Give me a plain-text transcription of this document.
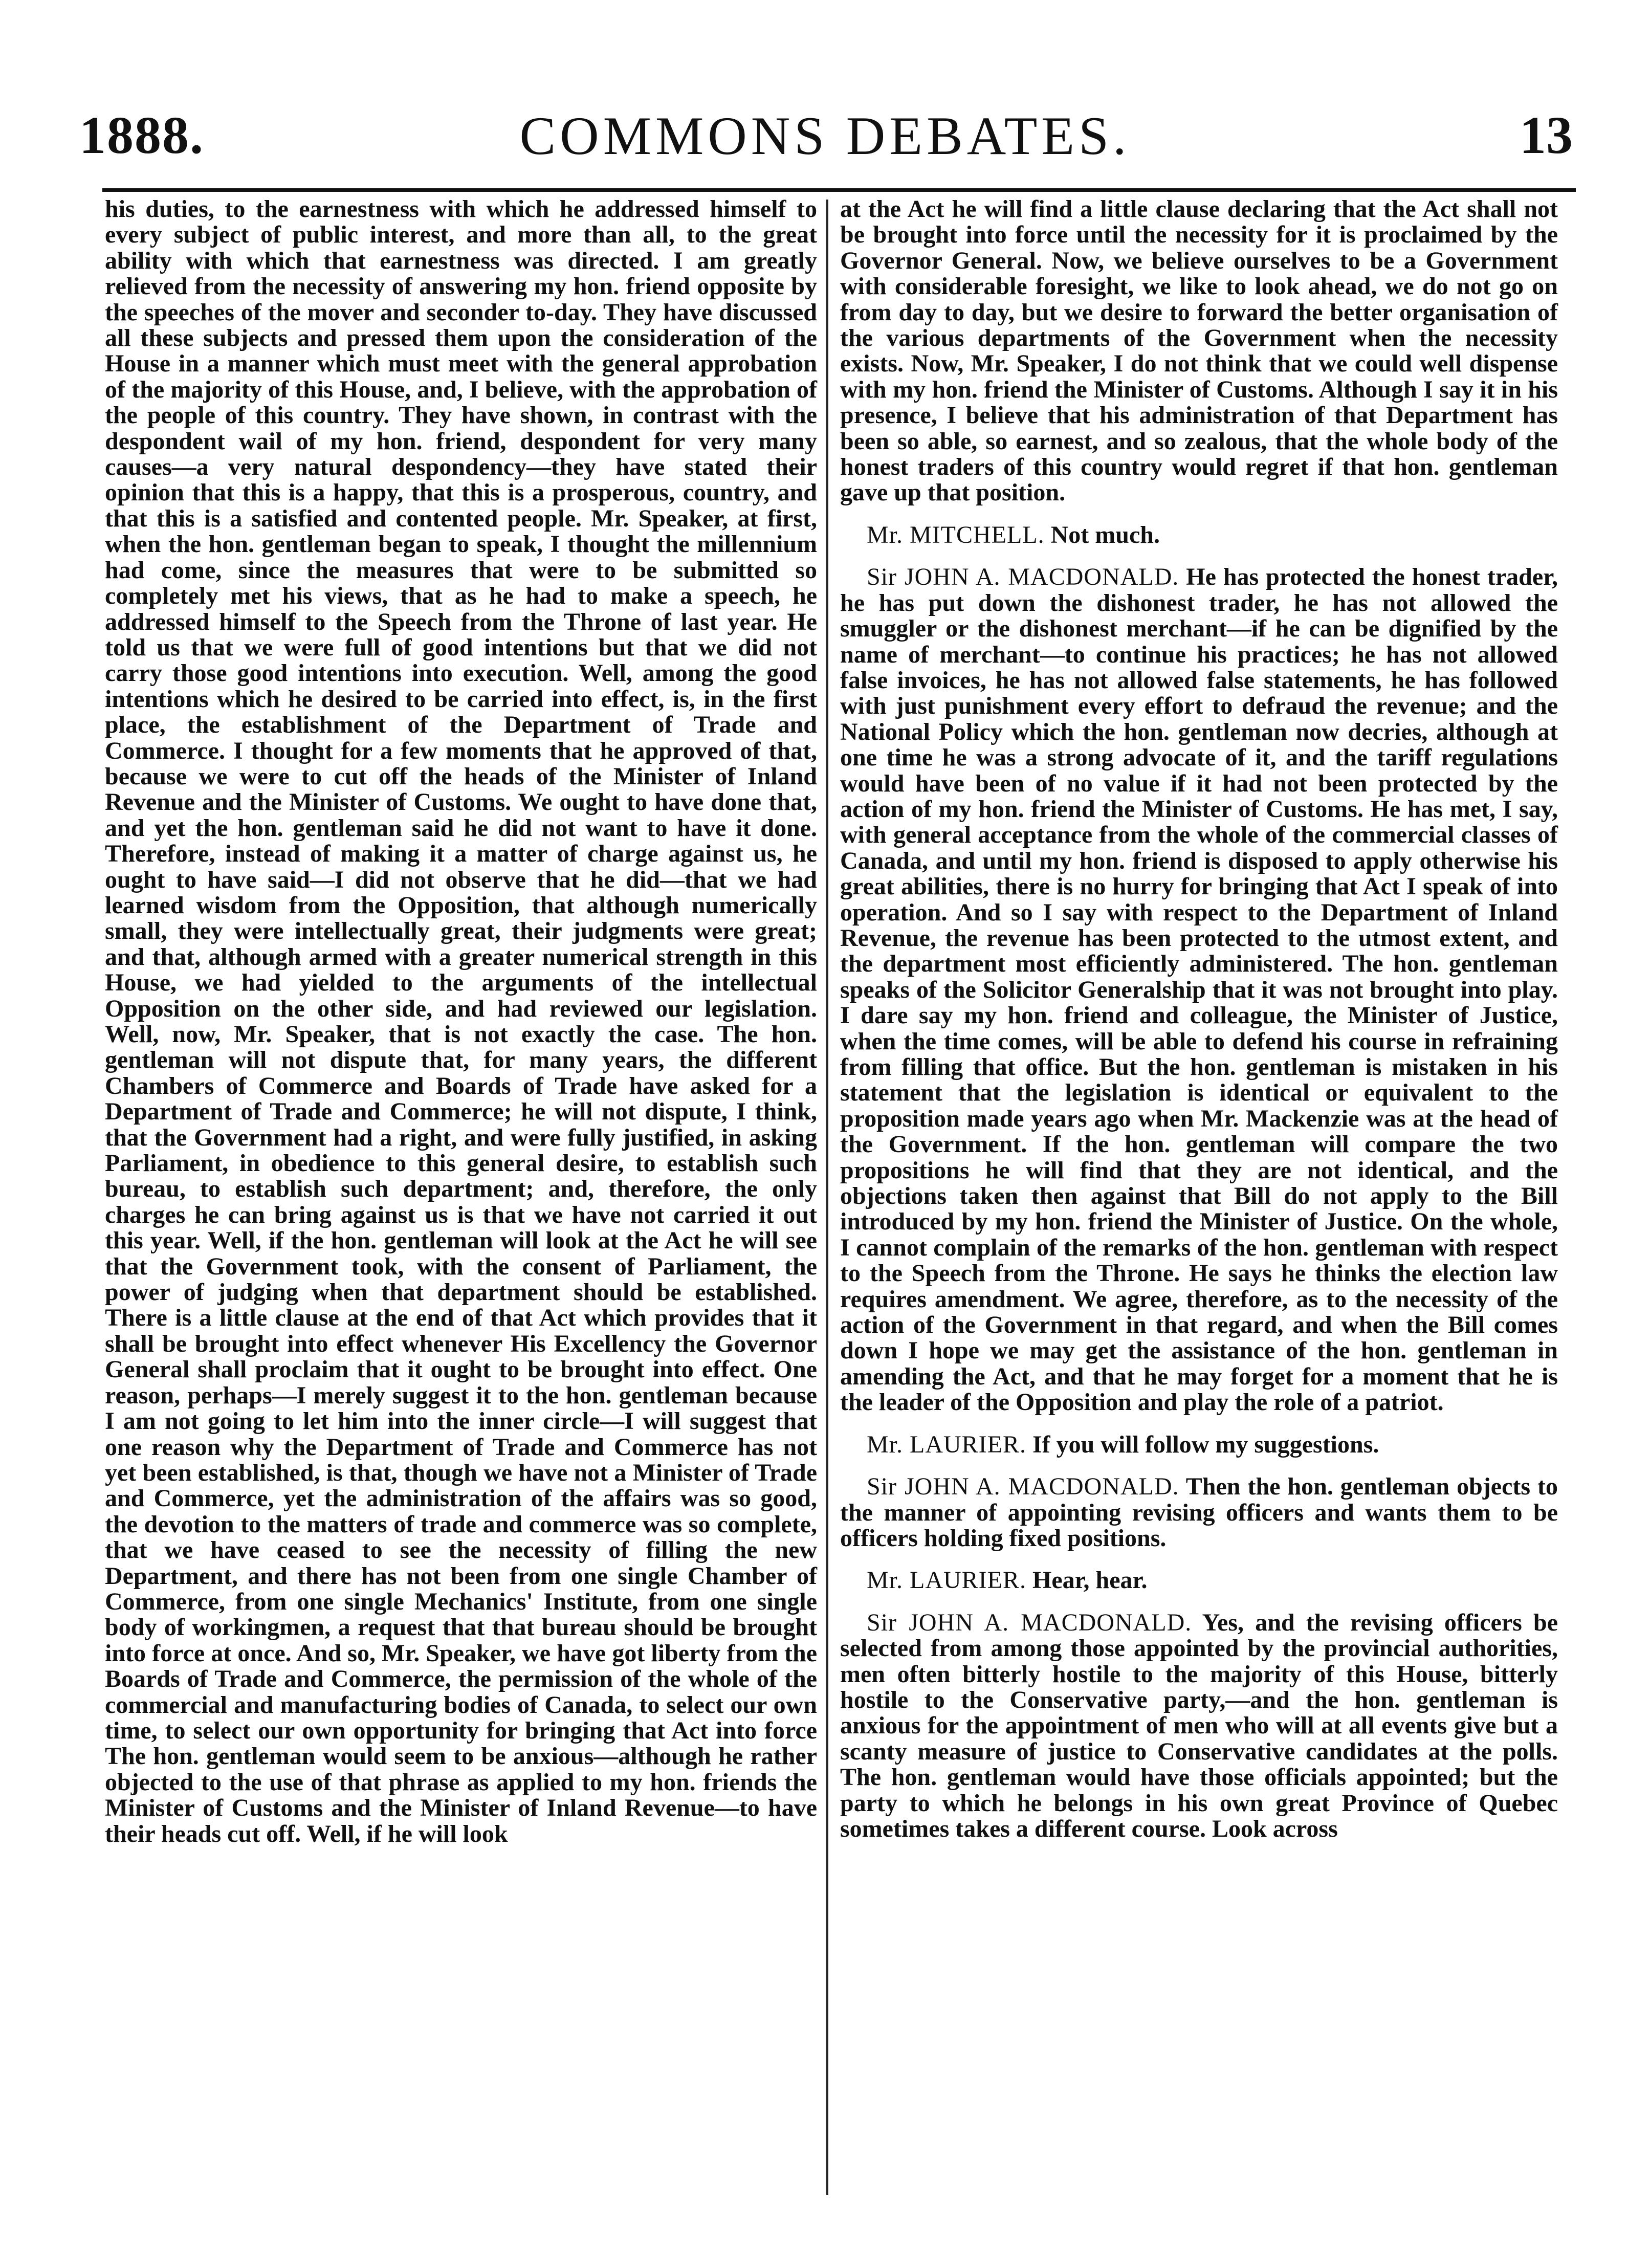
1888.	COMMONS DEBATES.	13

his duties, to the earnestness with which he addressed himself to every subject of public interest, and more than all, to the great ability with which that earnestness was directed. I am greatly relieved from the necessity of answering my hon. friend opposite by the speeches of the mover and seconder to-day. They have discussed all these subjects and pressed them upon the consideration of the House in a manner which must meet with the general approbation of the majority of this House, and, I believe, with the approbation of the people of this country. They have shown, in contrast with the despondent wail of my hon. friend, despondent for very many causes—a very natural despondency—they have stated their opinion that this is a happy, that this is a prosperous, country, and that this is a satisfied and contented people. Mr. Speaker, at first, when the hon. gentleman began to speak, I thought the millennium had come, since the measures that were to be submitted so completely met his views, that as he had to make a speech, he addressed himself to the Speech from the Throne of last year. He told us that we were full of good intentions but that we did not carry those good intentions into execution. Well, among the good intentions which he desired to be carried into effect, is, in the first place, the establishment of the Department of Trade and Commerce. I thought for a few moments that he approved of that, because we were to cut off the heads of the Minister of Inland Revenue and the Minister of Customs. We ought to have done that, and yet the hon. gentleman said he did not want to have it done. Therefore, instead of making it a matter of charge against us, he ought to have said—I did not observe that he did—that we had learned wisdom from the Opposition, that although numerically small, they were intellectually great, their judgments were great; and that, although armed with a greater numerical strength in this House, we had yielded to the arguments of the intellectual Opposition on the other side, and had reviewed our legislation. Well, now, Mr. Speaker, that is not exactly the case. The hon. gentleman will not dispute that, for many years, the different Chambers of Commerce and Boards of Trade have asked for a Department of Trade and Commerce; he will not dispute, I think, that the Government had a right, and were fully justified, in asking Parliament, in obedience to this general desire, to establish such bureau, to establish such department; and, therefore, the only charges he can bring against us is that we have not carried it out this year. Well, if the hon. gentleman will look at the Act he will see that the Government took, with the consent of Parliament, the power of judging when that department should be established. There is a little clause at the end of that Act which provides that it shall be brought into effect whenever His Excellency the Governor General shall proclaim that it ought to be brought into effect. One reason, perhaps—I merely suggest it to the hon. gentleman because I am not going to let him into the inner circle—I will suggest that one reason why the Department of Trade and Commerce has not yet been established, is that, though we have not a Minister of Trade and Commerce, yet the administration of the affairs was so good, the devotion to the matters of trade and commerce was so complete, that we have ceased to see the necessity of filling the new Department, and there has not been from one single Chamber of Commerce, from one single Mechanics' Institute, from one single body of workingmen, a request that that bureau should be brought into force at once. And so, Mr. Speaker, we have got liberty from the Boards of Trade and Commerce, the permission of the whole of the commercial and manufacturing bodies of Canada, to select our own time, to select our own opportunity for bringing that Act into force The hon. gentleman would seem to be anxious—although he rather objected to the use of that phrase as applied to my hon. friends the Minister of Customs and the Minister of Inland Revenue—to have their heads cut off. Well, if he will look

at the Act he will find a little clause declaring that the Act shall not be brought into force until the necessity for it is proclaimed by the Governor General. Now, we believe ourselves to be a Government with considerable foresight, we like to look ahead, we do not go on from day to day, but we desire to forward the better organisation of the various departments of the Government when the necessity exists. Now, Mr. Speaker, I do not think that we could well dispense with my hon. friend the Minister of Customs. Although I say it in his presence, I believe that his administration of that Department has been so able, so earnest, and so zealous, that the whole body of the honest traders of this country would regret if that hon. gentleman gave up that position.

Mr. MITCHELL. Not much.

Sir JOHN A. MACDONALD. He has protected the honest trader, he has put down the dishonest trader, he has not allowed the smuggler or the dishonest merchant—if he can be dignified by the name of merchant—to continue his practices; he has not allowed false invoices, he has not allowed false statements, he has followed with just punishment every effort to defraud the revenue; and the National Policy which the hon. gentleman now decries, although at one time he was a strong advocate of it, and the tariff regulations would have been of no value if it had not been protected by the action of my hon. friend the Minister of Customs. He has met, I say, with general acceptance from the whole of the commercial classes of Canada, and until my hon. friend is disposed to apply otherwise his great abilities, there is no hurry for bringing that Act I speak of into operation. And so I say with respect to the Department of Inland Revenue, the revenue has been protected to the utmost extent, and the department most efficiently administered. The hon. gentleman speaks of the Solicitor Generalship that it was not brought into play. I dare say my hon. friend and colleague, the Minister of Justice, when the time comes, will be able to defend his course in refraining from filling that office. But the hon. gentleman is mistaken in his statement that the legislation is identical or equivalent to the proposition made years ago when Mr. Mackenzie was at the head of the Government. If the hon. gentleman will compare the two propositions he will find that they are not identical, and the objections taken then against that Bill do not apply to the Bill introduced by my hon. friend the Minister of Justice. On the whole, I cannot complain of the remarks of the hon. gentleman with respect to the Speech from the Throne. He says he thinks the election law requires amendment. We agree, therefore, as to the necessity of the action of the Government in that regard, and when the Bill comes down I hope we may get the assistance of the hon. gentleman in amending the Act, and that he may forget for a moment that he is the leader of the Opposition and play the role of a patriot.

Mr. LAURIER. If you will follow my suggestions.

Sir JOHN A. MACDONALD. Then the hon. gentleman objects to the manner of appointing revising officers and wants them to be officers holding fixed positions.

Mr. LAURIER. Hear, hear.

Sir JOHN A. MACDONALD. Yes, and the revising officers be selected from among those appointed by the provincial authorities, men often bitterly hostile to the majority of this House, bitterly hostile to the Conservative party,—and the hon. gentleman is anxious for the appointment of men who will at all events give but a scanty measure of justice to Conservative candidates at the polls. The hon. gentleman would have those officials appointed; but the party to which he belongs in his own great Province of Quebec sometimes takes a different course. Look across
